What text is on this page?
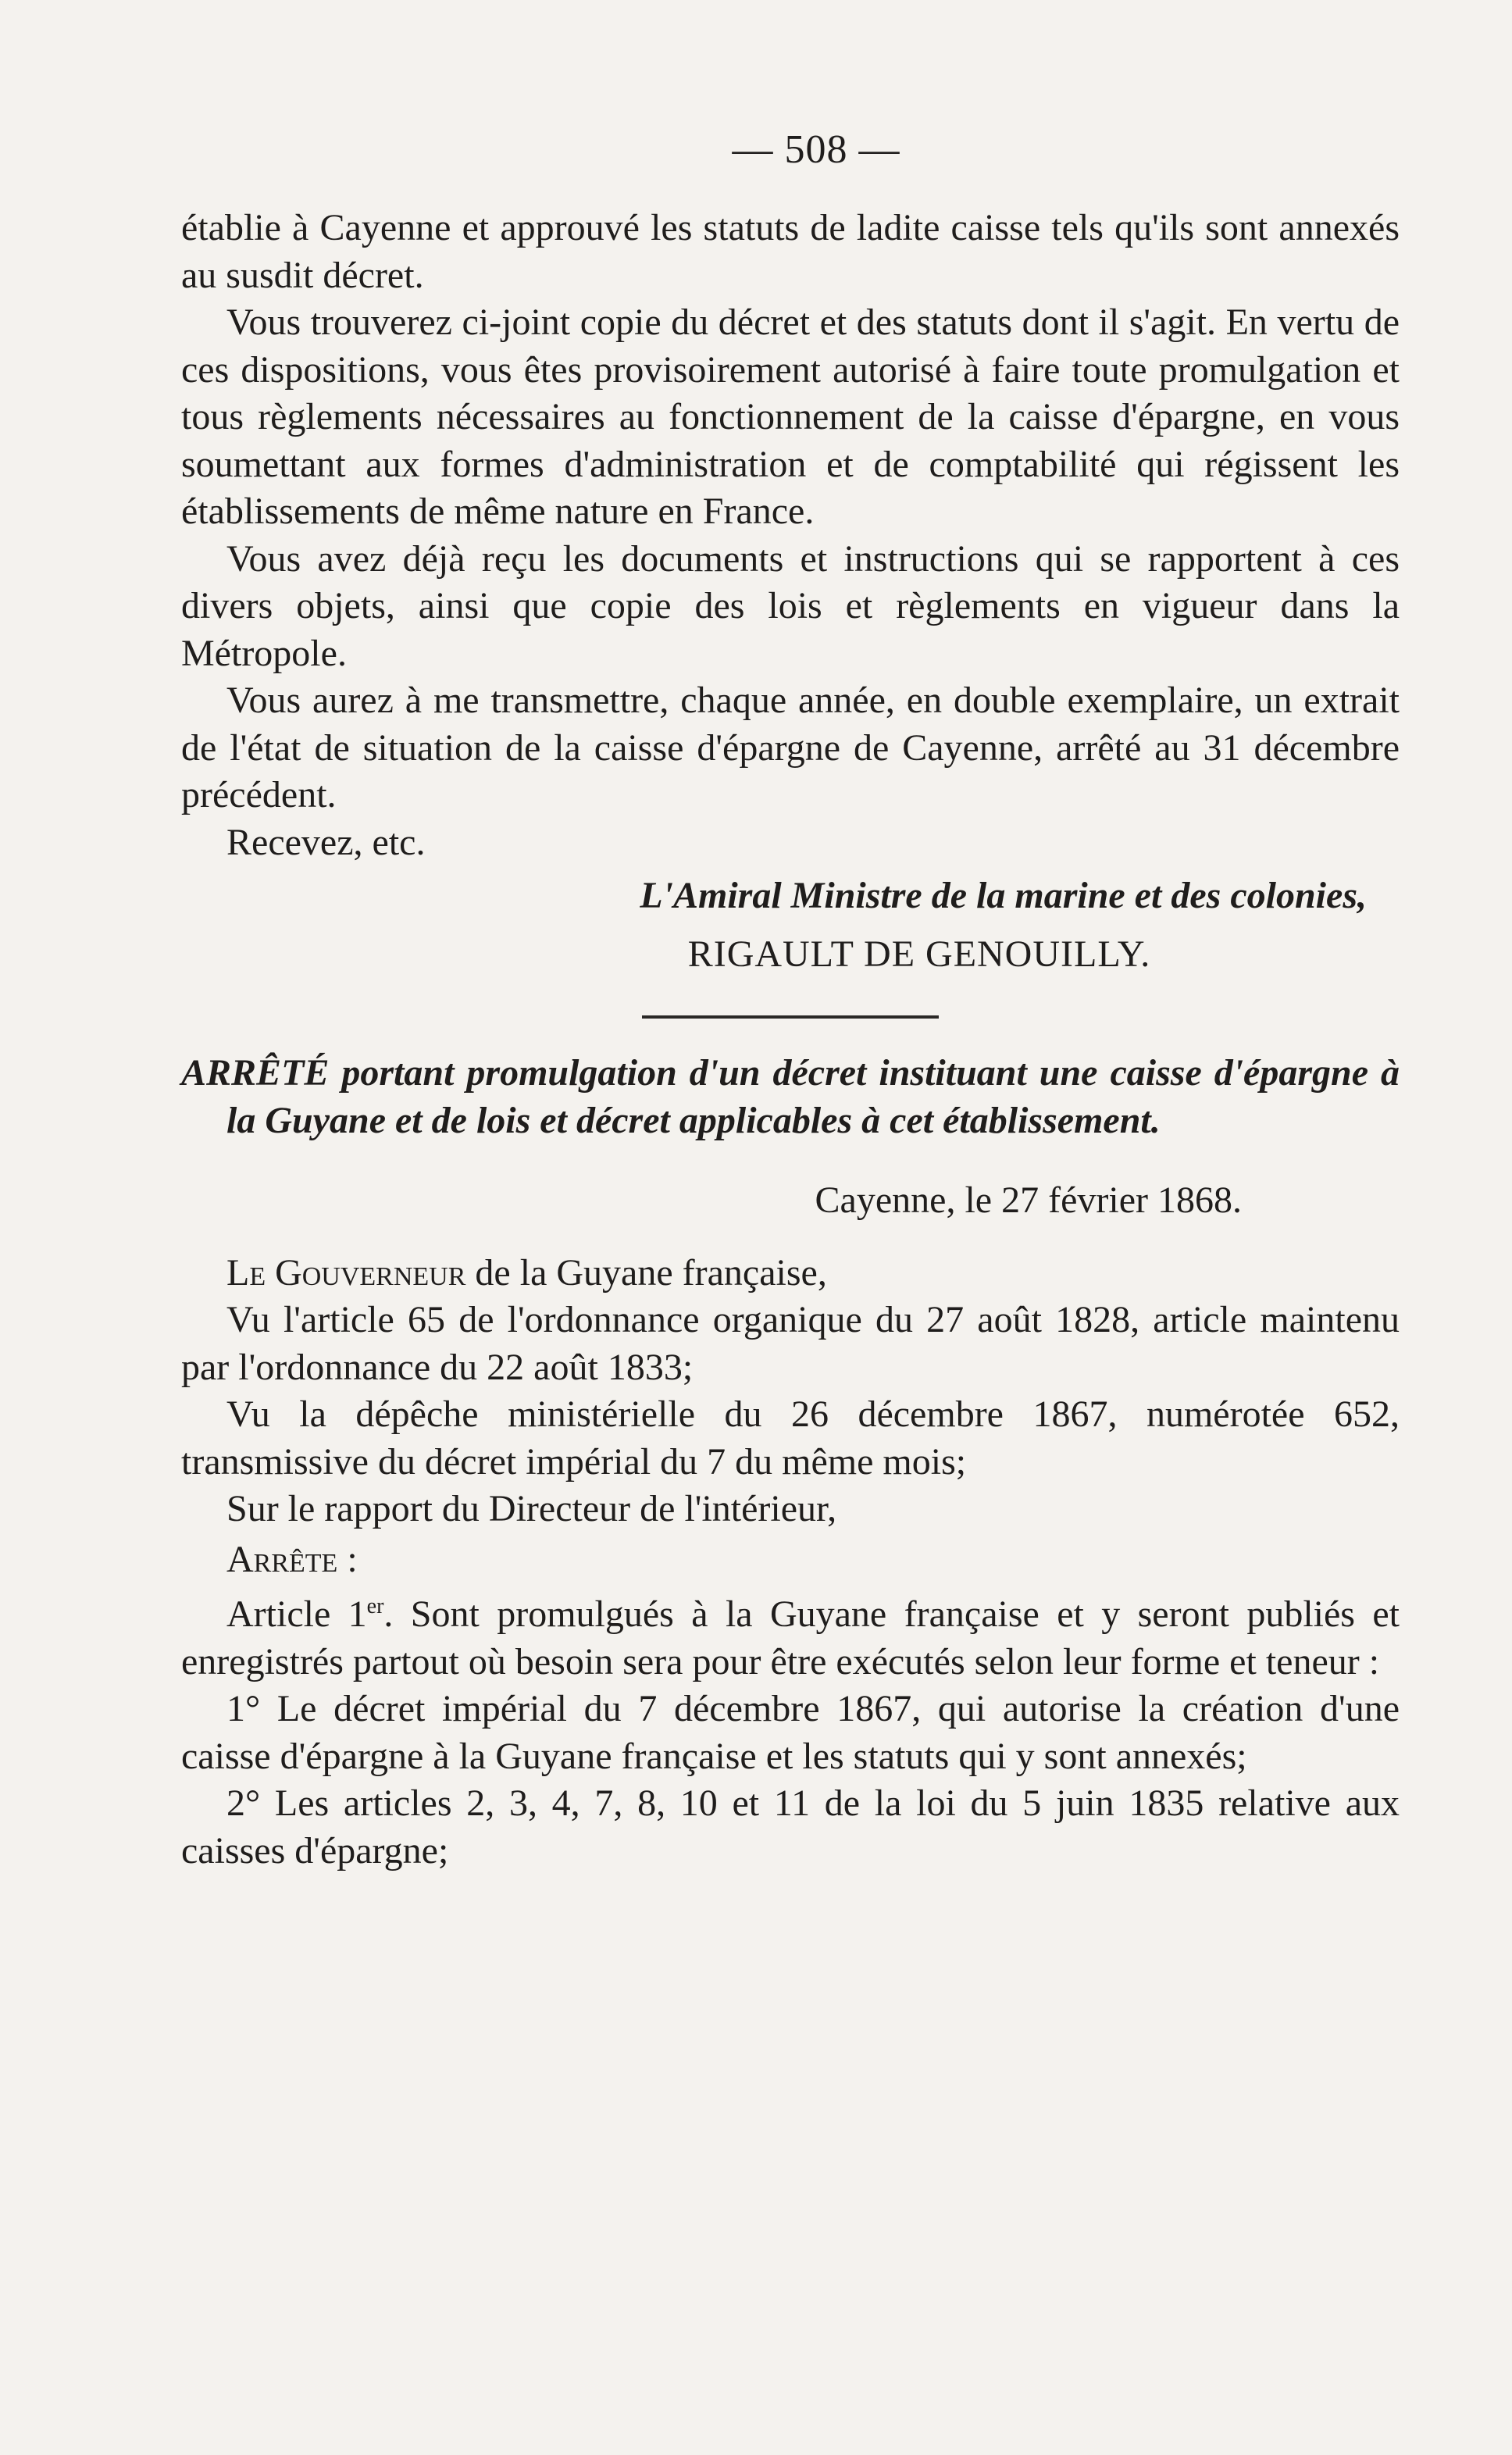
— 508 —

établie à Cayenne et approuvé les statuts de ladite caisse tels qu'ils sont annexés au susdit décret.

Vous trouverez ci-joint copie du décret et des statuts dont il s'agit. En vertu de ces dispositions, vous êtes provisoirement autorisé à faire toute promulgation et tous règlements nécessaires au fonctionnement de la caisse d'épargne, en vous soumettant aux formes d'administration et de comptabilité qui régissent les établissements de même nature en France.

Vous avez déjà reçu les documents et instructions qui se rapportent à ces divers objets, ainsi que copie des lois et règlements en vigueur dans la Métropole.

Vous aurez à me transmettre, chaque année, en double exemplaire, un extrait de l'état de situation de la caisse d'épargne de Cayenne, arrêté au 31 décembre précédent.

Recevez, etc.

L'Amiral Ministre de la marine et des colonies,

RIGAULT DE GENOUILLY.

ARRÊTÉ portant promulgation d'un décret instituant une caisse d'épargne à la Guyane et de lois et décret applicables à cet établissement.

Cayenne, le 27 février 1868.

Le Gouverneur de la Guyane française,

Vu l'article 65 de l'ordonnance organique du 27 août 1828, article maintenu par l'ordonnance du 22 août 1833;

Vu la dépêche ministérielle du 26 décembre 1867, numérotée 652, transmissive du décret impérial du 7 du même mois;

Sur le rapport du Directeur de l'intérieur,

Arrête :

Article 1er. Sont promulgués à la Guyane française et y seront publiés et enregistrés partout où besoin sera pour être exécutés selon leur forme et teneur :

1° Le décret impérial du 7 décembre 1867, qui autorise la création d'une caisse d'épargne à la Guyane française et les statuts qui y sont annexés;

2° Les articles 2, 3, 4, 7, 8, 10 et 11 de la loi du 5 juin 1835 relative aux caisses d'épargne;
